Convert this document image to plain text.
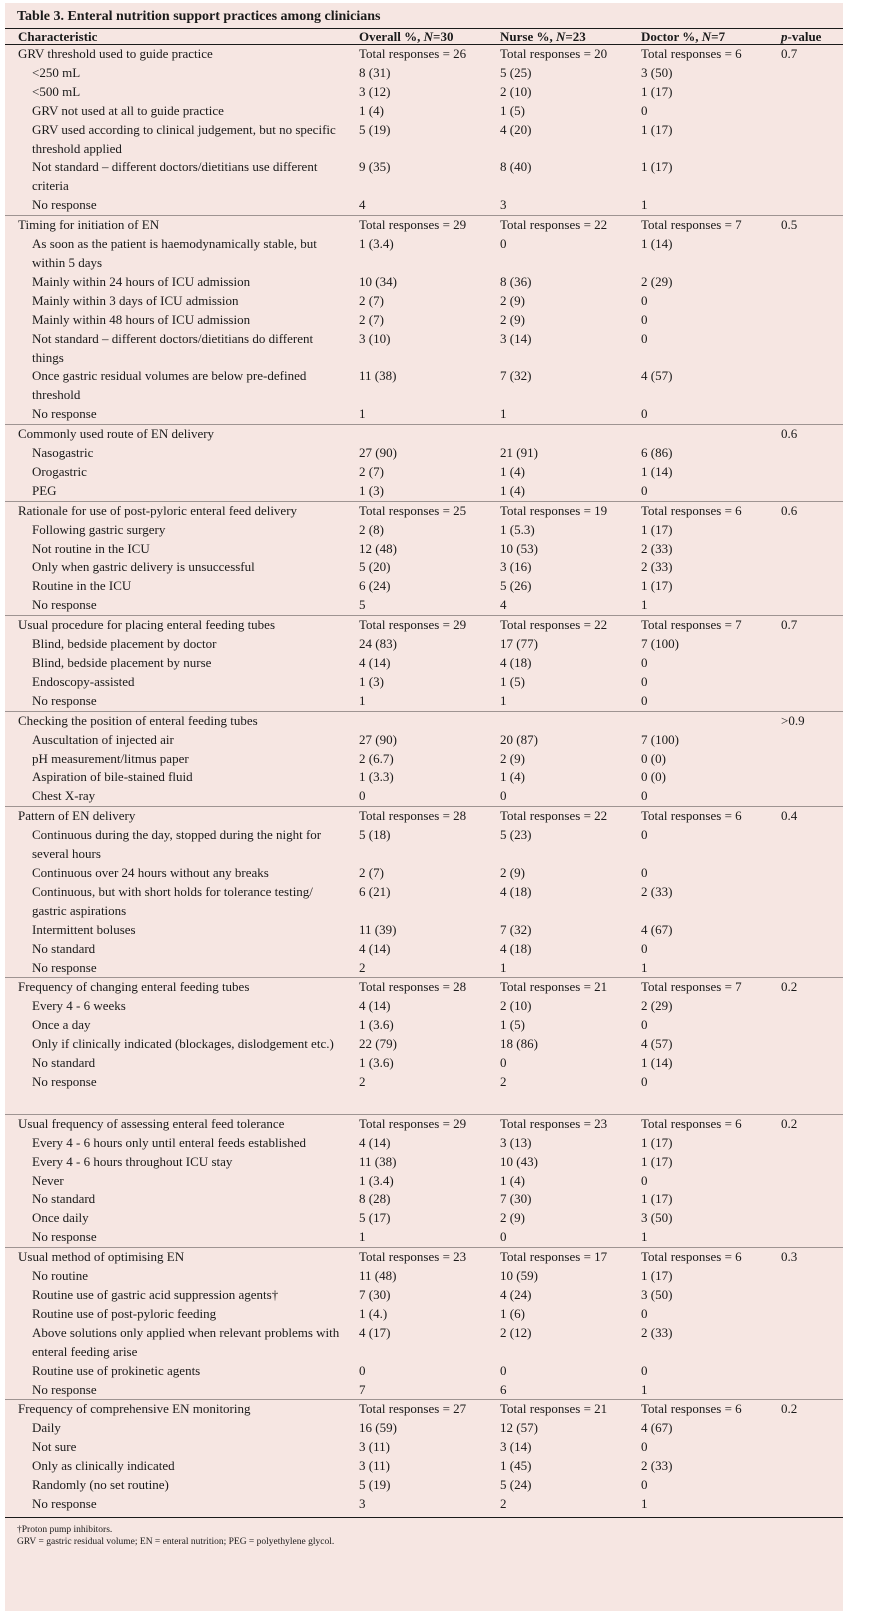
Table 3. Enteral nutrition support practices among clinicians
Characteristic	Overall %, N=30	Nurse %, N=23	Doctor %, N=7	p-value
GRV threshold used to guide practice	Total responses = 26	Total responses = 20	Total responses = 6	0.7
<250 mL	8 (31)	5 (25)	3 (50)	
<500 mL	3 (12)	2 (10)	1 (17)	
GRV not used at all to guide practice	1 (4)	1 (5)	0	
GRV used according to clinical judgement, but no specific threshold applied	5 (19)	4 (20)	1 (17)	
Not standard – different doctors/dietitians use different criteria	9 (35)	8 (40)	1 (17)	
No response	4	3	1	
Timing for initiation of EN	Total responses = 29	Total responses = 22	Total responses = 7	0.5
As soon as the patient is haemodynamically stable, but within 5 days	1 (3.4)	0	1 (14)	
Mainly within 24 hours of ICU admission	10 (34)	8 (36)	2 (29)	
Mainly within 3 days of ICU admission	2 (7)	2 (9)	0	
Mainly within 48 hours of ICU admission	2 (7)	2 (9)	0	
Not standard – different doctors/dietitians do different things	3 (10)	3 (14)	0	
Once gastric residual volumes are below pre-defined threshold	11 (38)	7 (32)	4 (57)	
No response	1	1	0	
Commonly used route of EN delivery				0.6
Nasogastric	27 (90)	21 (91)	6 (86)	
Orogastric	2 (7)	1 (4)	1 (14)	
PEG	1 (3)	1 (4)	0	
Rationale for use of post-pyloric enteral feed delivery	Total responses = 25	Total responses = 19	Total responses = 6	0.6
Following gastric surgery	2 (8)	1 (5.3)	1 (17)	
Not routine in the ICU	12 (48)	10 (53)	2 (33)	
Only when gastric delivery is unsuccessful	5 (20)	3 (16)	2 (33)	
Routine in the ICU	6 (24)	5 (26)	1 (17)	
No response	5	4	1	
Usual procedure for placing enteral feeding tubes	Total responses = 29	Total responses = 22	Total responses = 7	0.7
Blind, bedside placement by doctor	24 (83)	17 (77)	7 (100)	
Blind, bedside placement by nurse	4 (14)	4 (18)	0	
Endoscopy-assisted	1 (3)	1 (5)	0	
No response	1	1	0	
Checking the position of enteral feeding tubes				>0.9
Auscultation of injected air	27 (90)	20 (87)	7 (100)	
pH measurement/litmus paper	2 (6.7)	2 (9)	0 (0)	
Aspiration of bile-stained fluid	1 (3.3)	1 (4)	0 (0)	
Chest X-ray	0	0	0	
Pattern of EN delivery	Total responses = 28	Total responses = 22	Total responses = 6	0.4
Continuous during the day, stopped during the night for several hours	5 (18)	5 (23)	0	
Continuous over 24 hours without any breaks	2 (7)	2 (9)	0	
Continuous, but with short holds for tolerance testing/ gastric aspirations	6 (21)	4 (18)	2 (33)	
Intermittent boluses	11 (39)	7 (32)	4 (67)	
No standard	4 (14)	4 (18)	0	
No response	2	1	1	
Frequency of changing enteral feeding tubes	Total responses = 28	Total responses = 21	Total responses = 7	0.2
Every 4 - 6 weeks	4 (14)	2 (10)	2 (29)	
Once a day	1 (3.6)	1 (5)	0	
Only if clinically indicated (blockages, dislodgement etc.)	22 (79)	18 (86)	4 (57)	
No standard	1 (3.6)	0	1 (14)	
No response	2	2	0	

Usual frequency of assessing enteral feed tolerance	Total responses = 29	Total responses = 23	Total responses = 6	0.2
Every 4 - 6 hours only until enteral feeds established	4 (14)	3 (13)	1 (17)	
Every 4 - 6 hours throughout ICU stay	11 (38)	10 (43)	1 (17)	
Never	1 (3.4)	1 (4)	0	
No standard	8 (28)	7 (30)	1 (17)	
Once daily	5 (17)	2 (9)	3 (50)	
No response	1	0	1	
Usual method of optimising EN	Total responses = 23	Total responses = 17	Total responses = 6	0.3
No routine	11 (48)	10 (59)	1 (17)	
Routine use of gastric acid suppression agents†	7 (30)	4 (24)	3 (50)	
Routine use of post-pyloric feeding	1 (4.)	1 (6)	0	
Above solutions only applied when relevant problems with enteral feeding arise	4 (17)	2 (12)	2 (33)	
Routine use of prokinetic agents	0	0	0	
No response	7	6	1	
Frequency of comprehensive EN monitoring	Total responses = 27	Total responses = 21	Total responses = 6	0.2
Daily	16 (59)	12 (57)	4 (67)	
Not sure	3 (11)	3 (14)	0	
Only as clinically indicated	3 (11)	1 (45)	2 (33)	
Randomly (no set routine)	5 (19)	5 (24)	0	
No response	3	2	1	
†Proton pump inhibitors.
GRV = gastric residual volume; EN = enteral nutrition; PEG = polyethylene glycol.
